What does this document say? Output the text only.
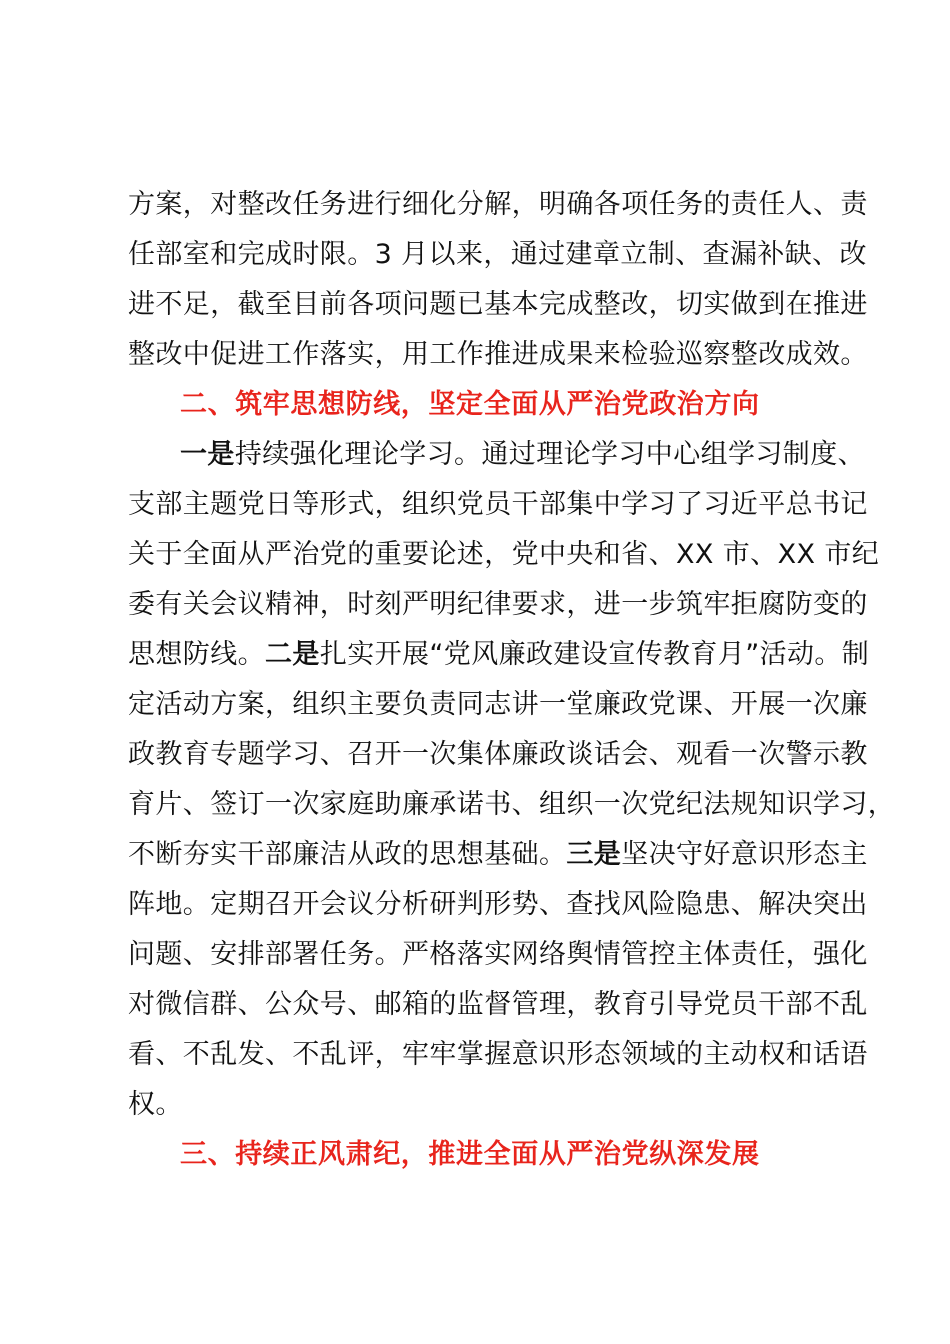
方案，对整改任务进行细化分解，明确各项任务的责任人、责
任部室和完成时限。3 月以来，通过建章立制、查漏补缺、改
进不足，截至目前各项问题已基本完成整改，切实做到在推进
整改中促进工作落实，用工作推进成果来检验巡察整改成效。
二、筑牢思想防线，坚定全面从严治党政治方向
一是持续强化理论学习。通过理论学习中心组学习制度、
支部主题党日等形式，组织党员干部集中学习了习近平总书记
关于全面从严治党的重要论述，党中央和省、XX 市、XX 市纪
委有关会议精神，时刻严明纪律要求，进一步筑牢拒腐防变的
思想防线。二是扎实开展“党风廉政建设宣传教育月”活动。制
定活动方案，组织主要负责同志讲一堂廉政党课、开展一次廉
政教育专题学习、召开一次集体廉政谈话会、观看一次警示教
育片、签订一次家庭助廉承诺书、组织一次党纪法规知识学习，
不断夯实干部廉洁从政的思想基础。三是坚决守好意识形态主
阵地。定期召开会议分析研判形势、查找风险隐患、解决突出
问题、安排部署任务。严格落实网络舆情管控主体责任，强化
对微信群、公众号、邮箱的监督管理，教育引导党员干部不乱
看、不乱发、不乱评，牢牢掌握意识形态领域的主动权和话语
权。
三、持续正风肃纪，推进全面从严治党纵深发展
